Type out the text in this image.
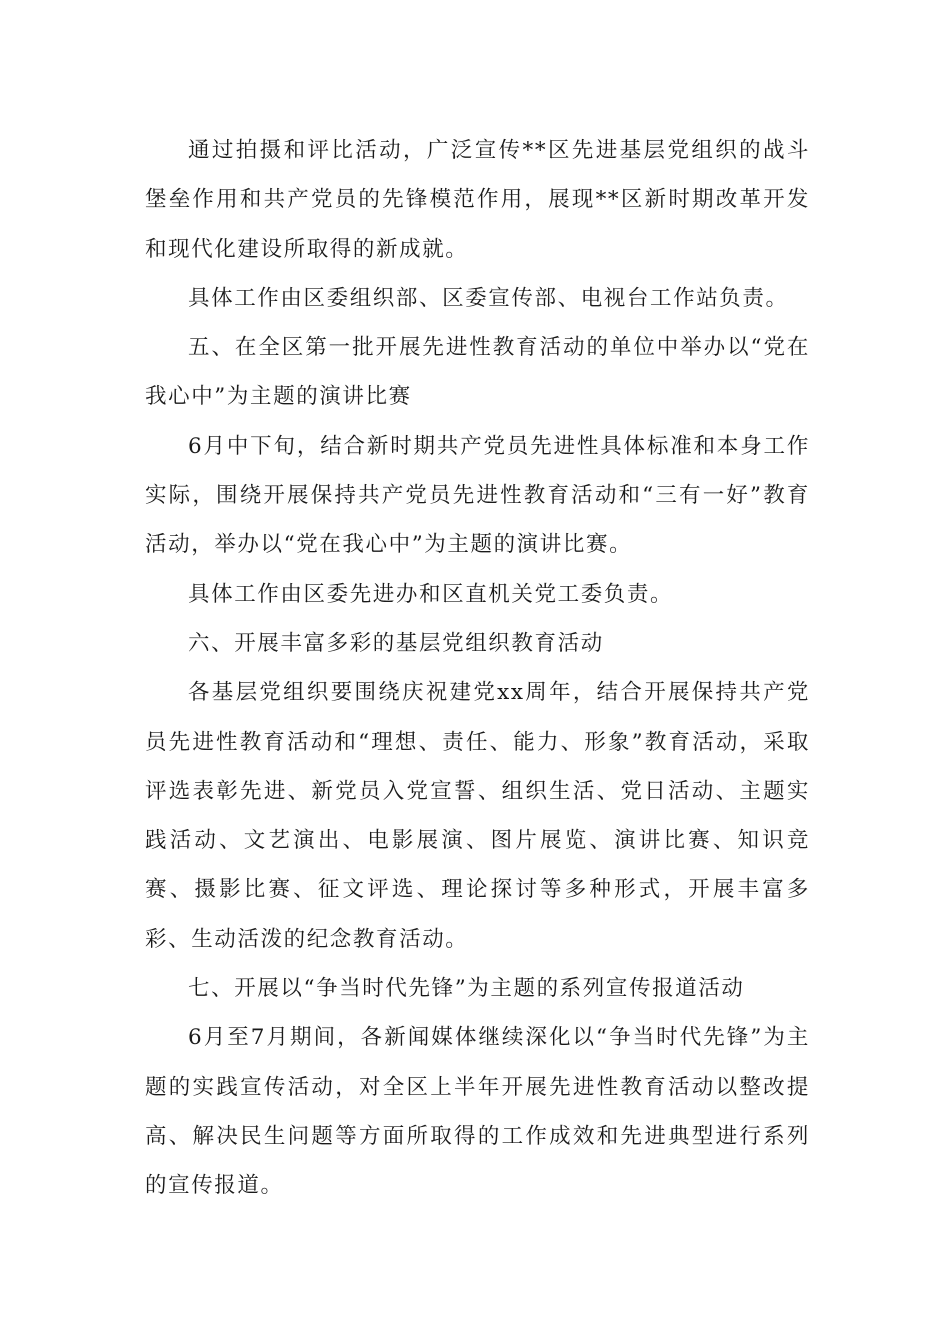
通过拍摄和评比活动，广泛宣传**区先进基层党组织的战斗堡垒作用和共产党员的先锋模范作用，展现**区新时期改革开发和现代化建设所取得的新成就。

具体工作由区委组织部、区委宣传部、电视台工作站负责。

五、在全区第一批开展先进性教育活动的单位中举办以“党在我心中”为主题的演讲比赛

6月中下旬，结合新时期共产党员先进性具体标准和本身工作实际，围绕开展保持共产党员先进性教育活动和“三有一好”教育活动，举办以“党在我心中”为主题的演讲比赛。

具体工作由区委先进办和区直机关党工委负责。

六、开展丰富多彩的基层党组织教育活动

各基层党组织要围绕庆祝建党xx周年，结合开展保持共产党员先进性教育活动和“理想、责任、能力、形象”教育活动，采取评选表彰先进、新党员入党宣誓、组织生活、党日活动、主题实践活动、文艺演出、电影展演、图片展览、演讲比赛、知识竞赛、摄影比赛、征文评选、理论探讨等多种形式，开展丰富多彩、生动活泼的纪念教育活动。

七、开展以“争当时代先锋”为主题的系列宣传报道活动

6月至7月期间，各新闻媒体继续深化以“争当时代先锋”为主题的实践宣传活动，对全区上半年开展先进性教育活动以整改提高、解决民生问题等方面所取得的工作成效和先进典型进行系列的宣传报道。
